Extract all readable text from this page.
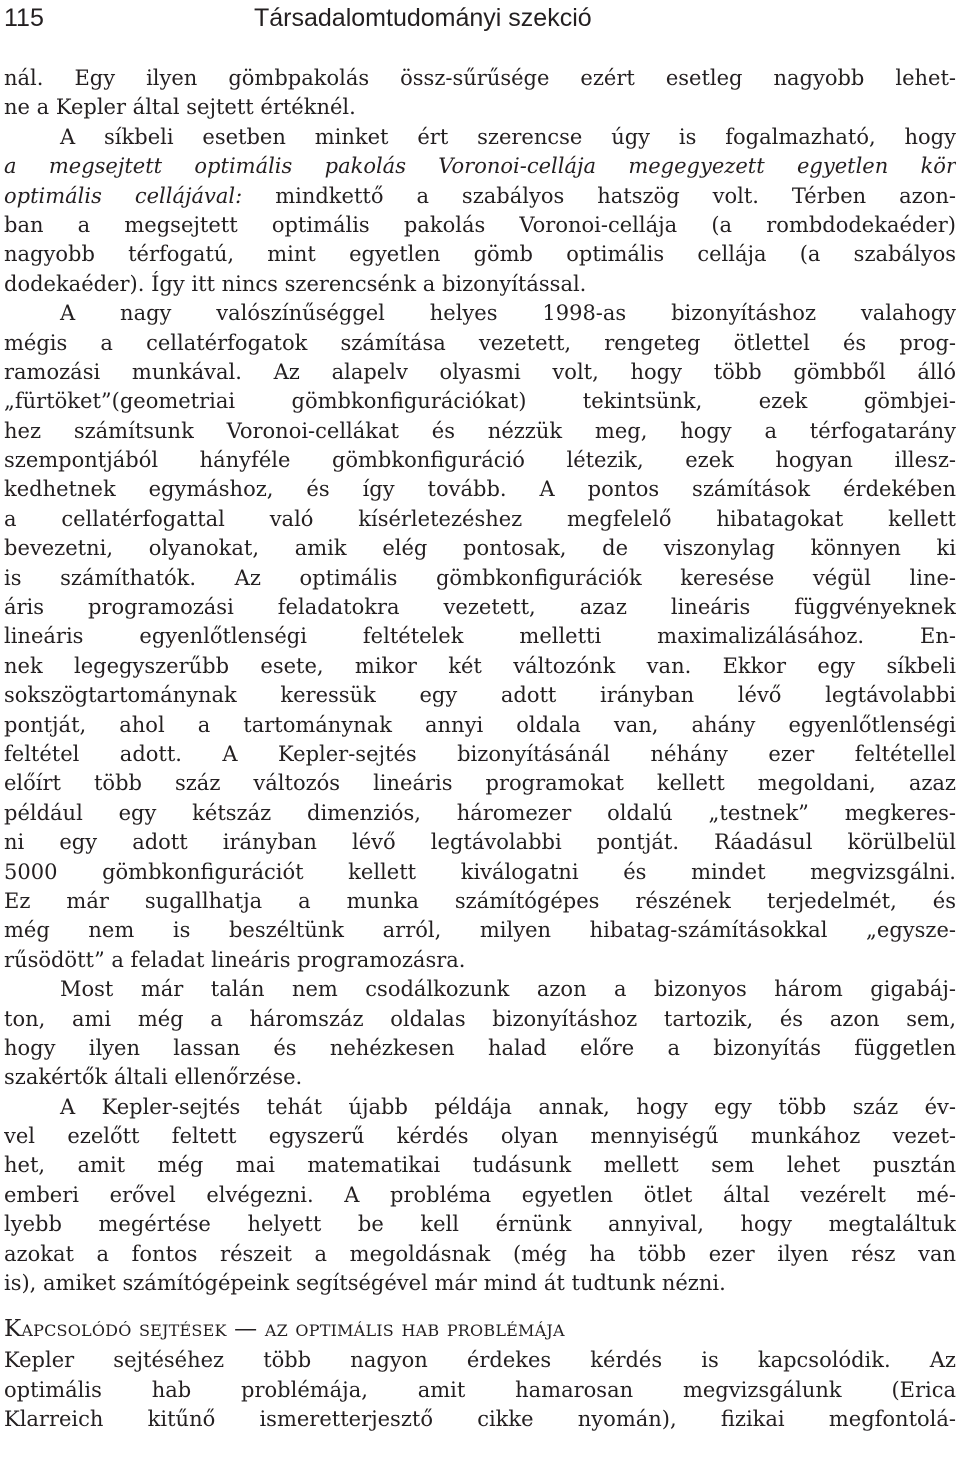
115	Társadalomtudományi szekció
nál. Egy ilyen gömbpakolás össz-sűrűsége ezért esetleg nagyobb lehet-
ne a Kepler által sejtett értéknél.
A síkbeli esetben minket ért szerencse úgy is fogalmazható, hogy
a megsejtett optimális pakolás Voronoi-cellája megegyezett egyetlen kör
optimális cellájával: mindkettő a szabályos hatszög volt. Térben azon-
ban a megsejtett optimális pakolás Voronoi-cellája (a rombdodekaéder)
nagyobb térfogatú, mint egyetlen gömb optimális cellája (a szabályos
dodekaéder). Így itt nincs szerencsénk a bizonyítással.
A nagy valószínűséggel helyes 1998-as bizonyításhoz valahogy
mégis a cellatérfogatok számítása vezetett, rengeteg ötlettel és prog-
ramozási munkával. Az alapelv olyasmi volt, hogy több gömbből álló
„fürtöket”(geometriai gömbkonfigurációkat) tekintsünk, ezek gömbjei-
hez számítsunk Voronoi-cellákat és nézzük meg, hogy a térfogatarány
szempontjából hányféle gömbkonfiguráció létezik, ezek hogyan illesz-
kedhetnek egymáshoz, és így tovább. A pontos számítások érdekében
a cellatérfogattal való kísérletezéshez megfelelő hibatagokat kellett
bevezetni, olyanokat, amik elég pontosak, de viszonylag könnyen ki
is számíthatók. Az optimális gömbkonfigurációk keresése végül line-
áris programozási feladatokra vezetett, azaz lineáris függvényeknek
lineáris egyenlőtlenségi feltételek melletti maximalizálásához. En-
nek legegyszerűbb esete, mikor két változónk van. Ekkor egy síkbeli
sokszögtartománynak keressük egy adott irányban lévő legtávolabbi
pontját, ahol a tartománynak annyi oldala van, ahány egyenlőtlenségi
feltétel adott. A Kepler-sejtés bizonyításánál néhány ezer feltétellel
előírt több száz változós lineáris programokat kellett megoldani, azaz
például egy kétszáz dimenziós, háromezer oldalú „testnek” megkeres-
ni egy adott irányban lévő legtávolabbi pontját. Ráadásul körülbelül
5000 gömbkonfigurációt kellett kiválogatni és mindet megvizsgálni.
Ez már sugallhatja a munka számítógépes részének terjedelmét, és
még nem is beszéltünk arról, milyen hibatag-számításokkal „egysze-
rűsödött” a feladat lineáris programozásra.
Most már talán nem csodálkozunk azon a bizonyos három gigabáj-
ton, ami még a háromszáz oldalas bizonyításhoz tartozik, és azon sem,
hogy ilyen lassan és nehézkesen halad előre a bizonyítás független
szakértők általi ellenőrzése.
A Kepler-sejtés tehát újabb példája annak, hogy egy több száz év-
vel ezelőtt feltett egyszerű kérdés olyan mennyiségű munkához vezet-
het, amit még mai matematikai tudásunk mellett sem lehet pusztán
emberi erővel elvégezni. A probléma egyetlen ötlet által vezérelt mé-
lyebb megértése helyett be kell érnünk annyival, hogy megtaláltuk
azokat a fontos részeit a megoldásnak (még ha több ezer ilyen rész van
is), amiket számítógépeink segítségével már mind át tudtunk nézni.
Kapcsolódó sejtések — az optimális hab problémája
Kepler sejtéséhez több nagyon érdekes kérdés is kapcsolódik. Az
optimális hab problémája, amit hamarosan megvizsgálunk (Erica
Klarreich kitűnő ismeretterjesztő cikke nyomán), fizikai megfontolá-
